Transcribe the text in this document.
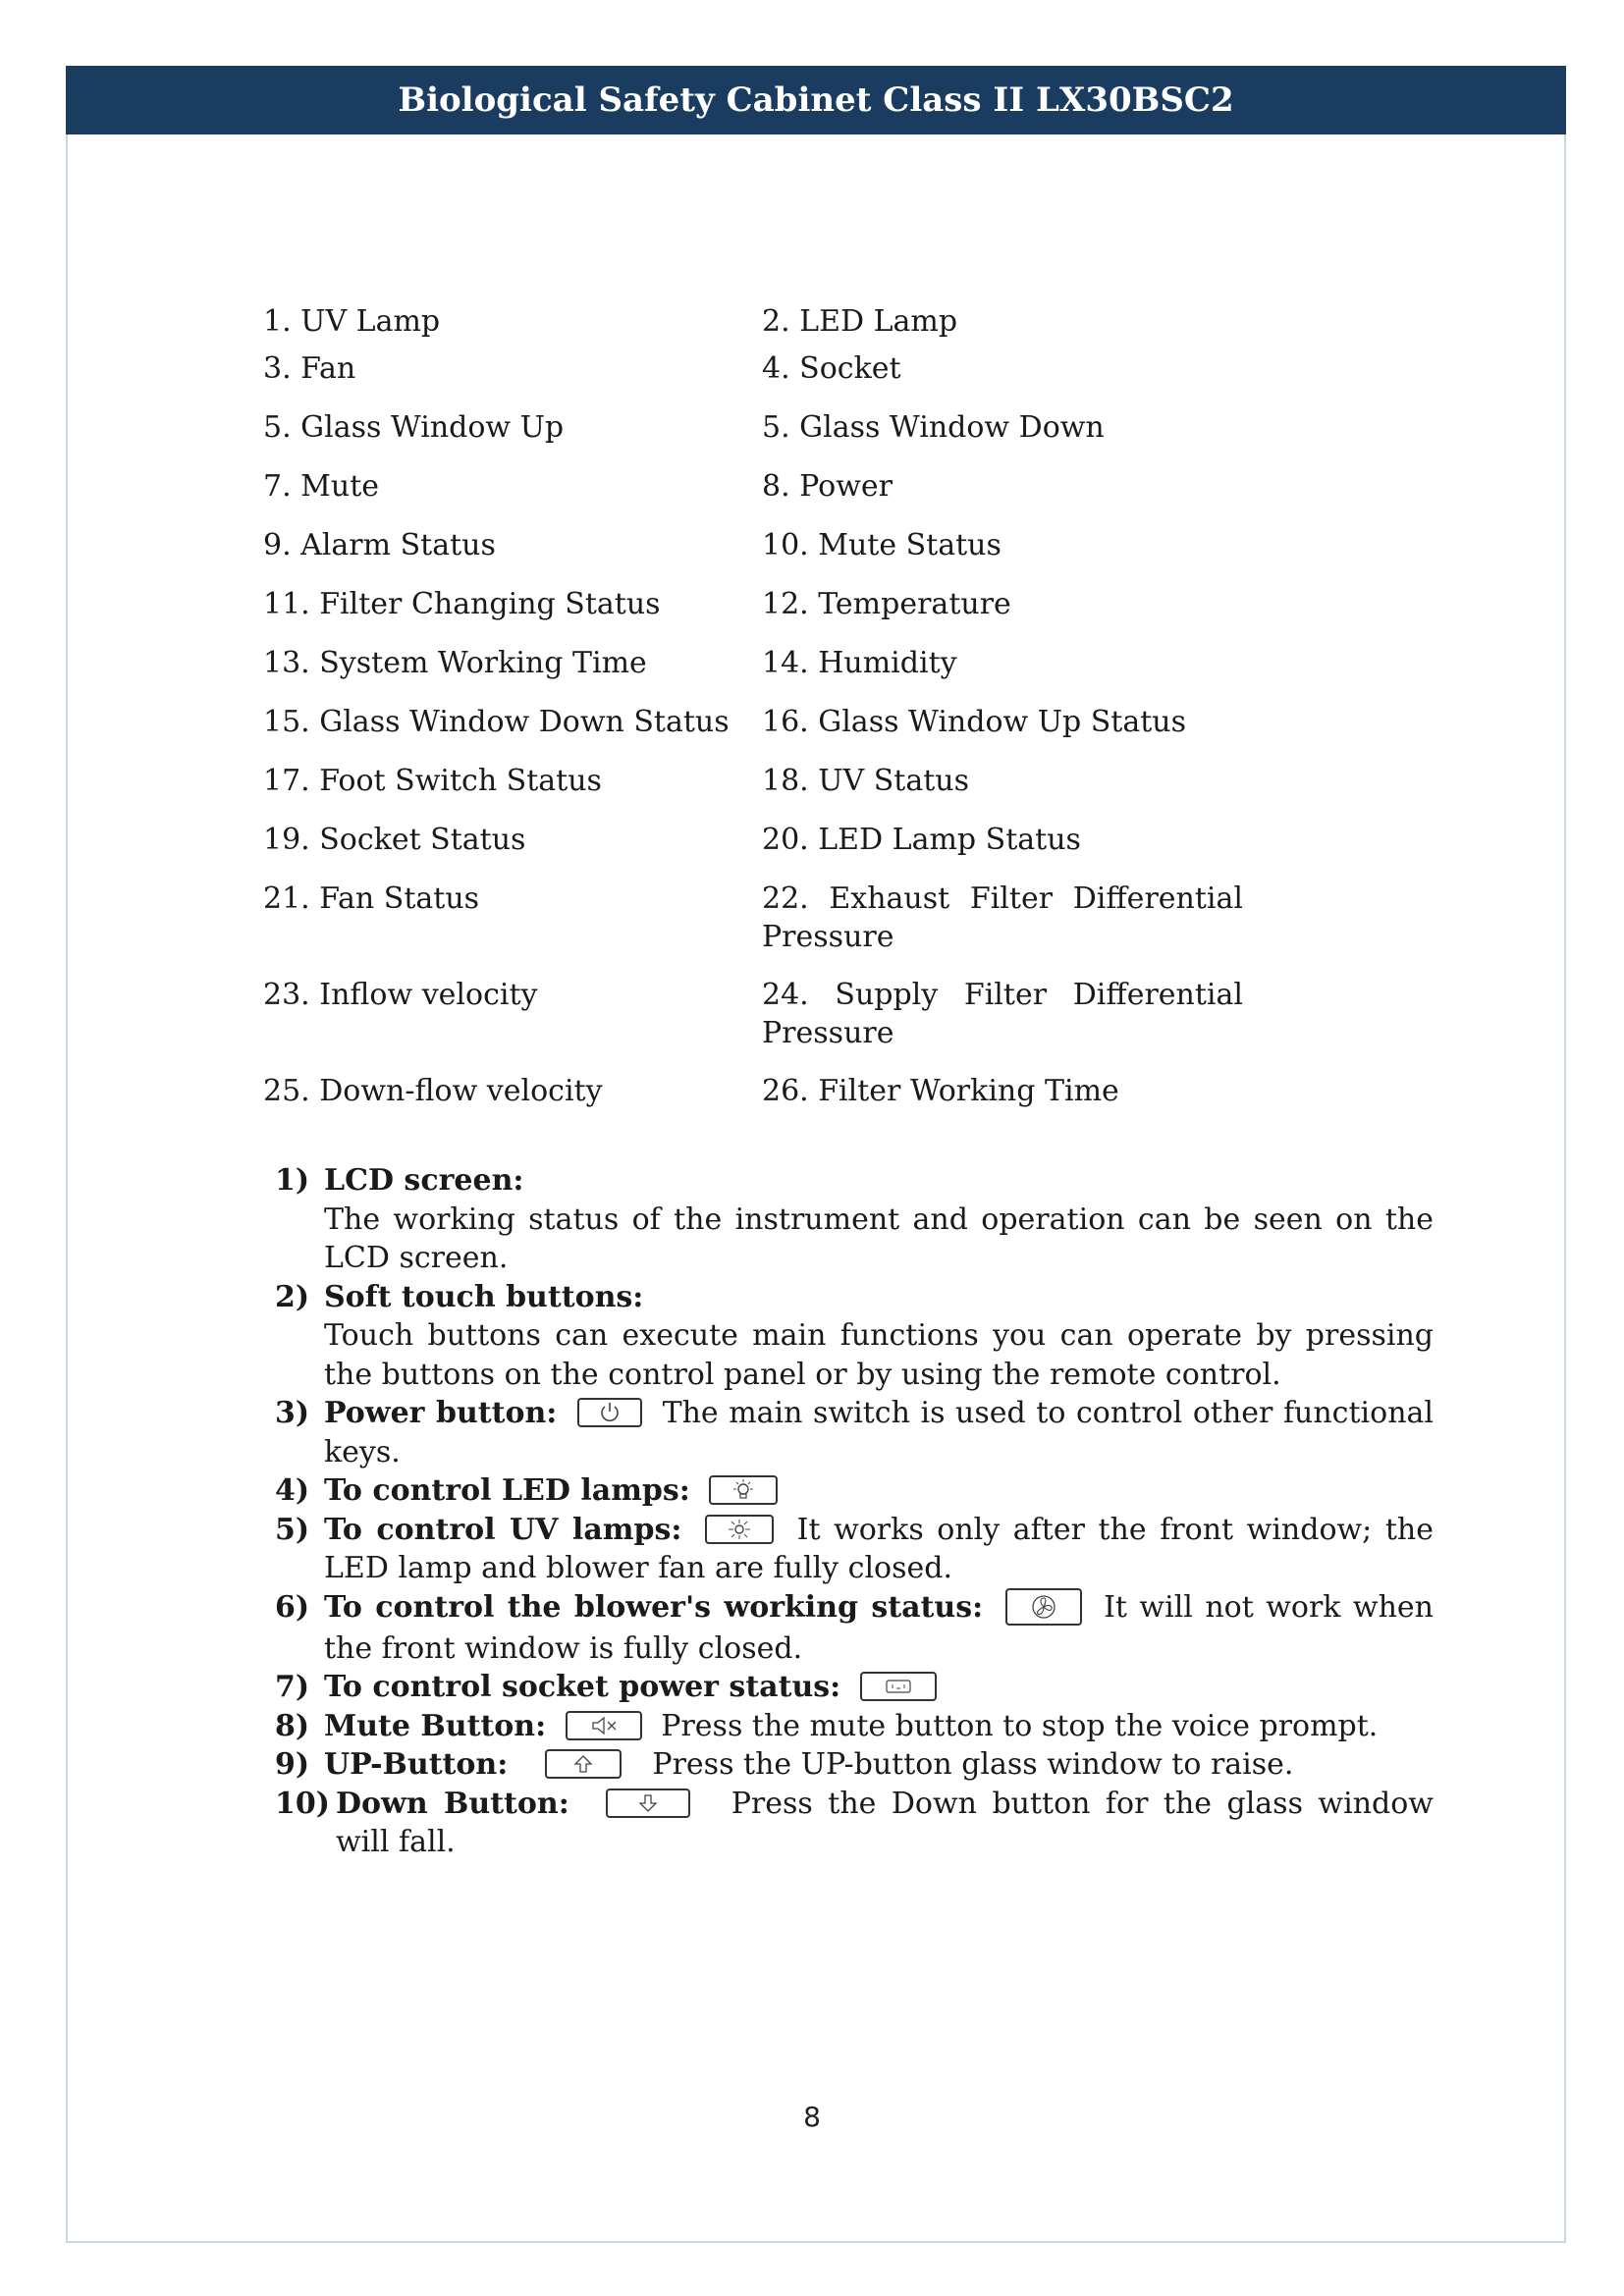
Biological Safety Cabinet Class II LX30BSC2
1. UV Lamp	2. LED Lamp
3. Fan	4. Socket
5. Glass Window Up	5. Glass Window Down
7. Mute	8. Power
9. Alarm Status	10. Mute Status
11. Filter Changing Status	12. Temperature
13. System Working Time	14. Humidity
15. Glass Window Down Status	16. Glass Window Up Status
17. Foot Switch Status	18. UV Status
19. Socket Status	20. LED Lamp Status
21. Fan Status	22. Exhaust Filter Differential Pressure
23. Inflow velocity	24. Supply Filter Differential Pressure
25. Down-flow velocity	26. Filter Working Time
1) LCD screen:
The working status of the instrument and operation can be seen on the LCD screen.
2) Soft touch buttons:
Touch buttons can execute main functions you can operate by pressing the buttons on the control panel or by using the remote control.
3) Power button:	The main switch is used to control other functional keys.
4) To control LED lamps:
5) To control UV lamps:	It works only after the front window; the LED lamp and blower fan are fully closed.
6) To control the blower's working status:	It will not work when the front window is fully closed.
7) To control socket power status:
8) Mute Button:	Press the mute button to stop the voice prompt.
9) UP-Button:	Press the UP-button glass window to raise.
10) Down Button:	Press the Down button for the glass window will fall.
8
